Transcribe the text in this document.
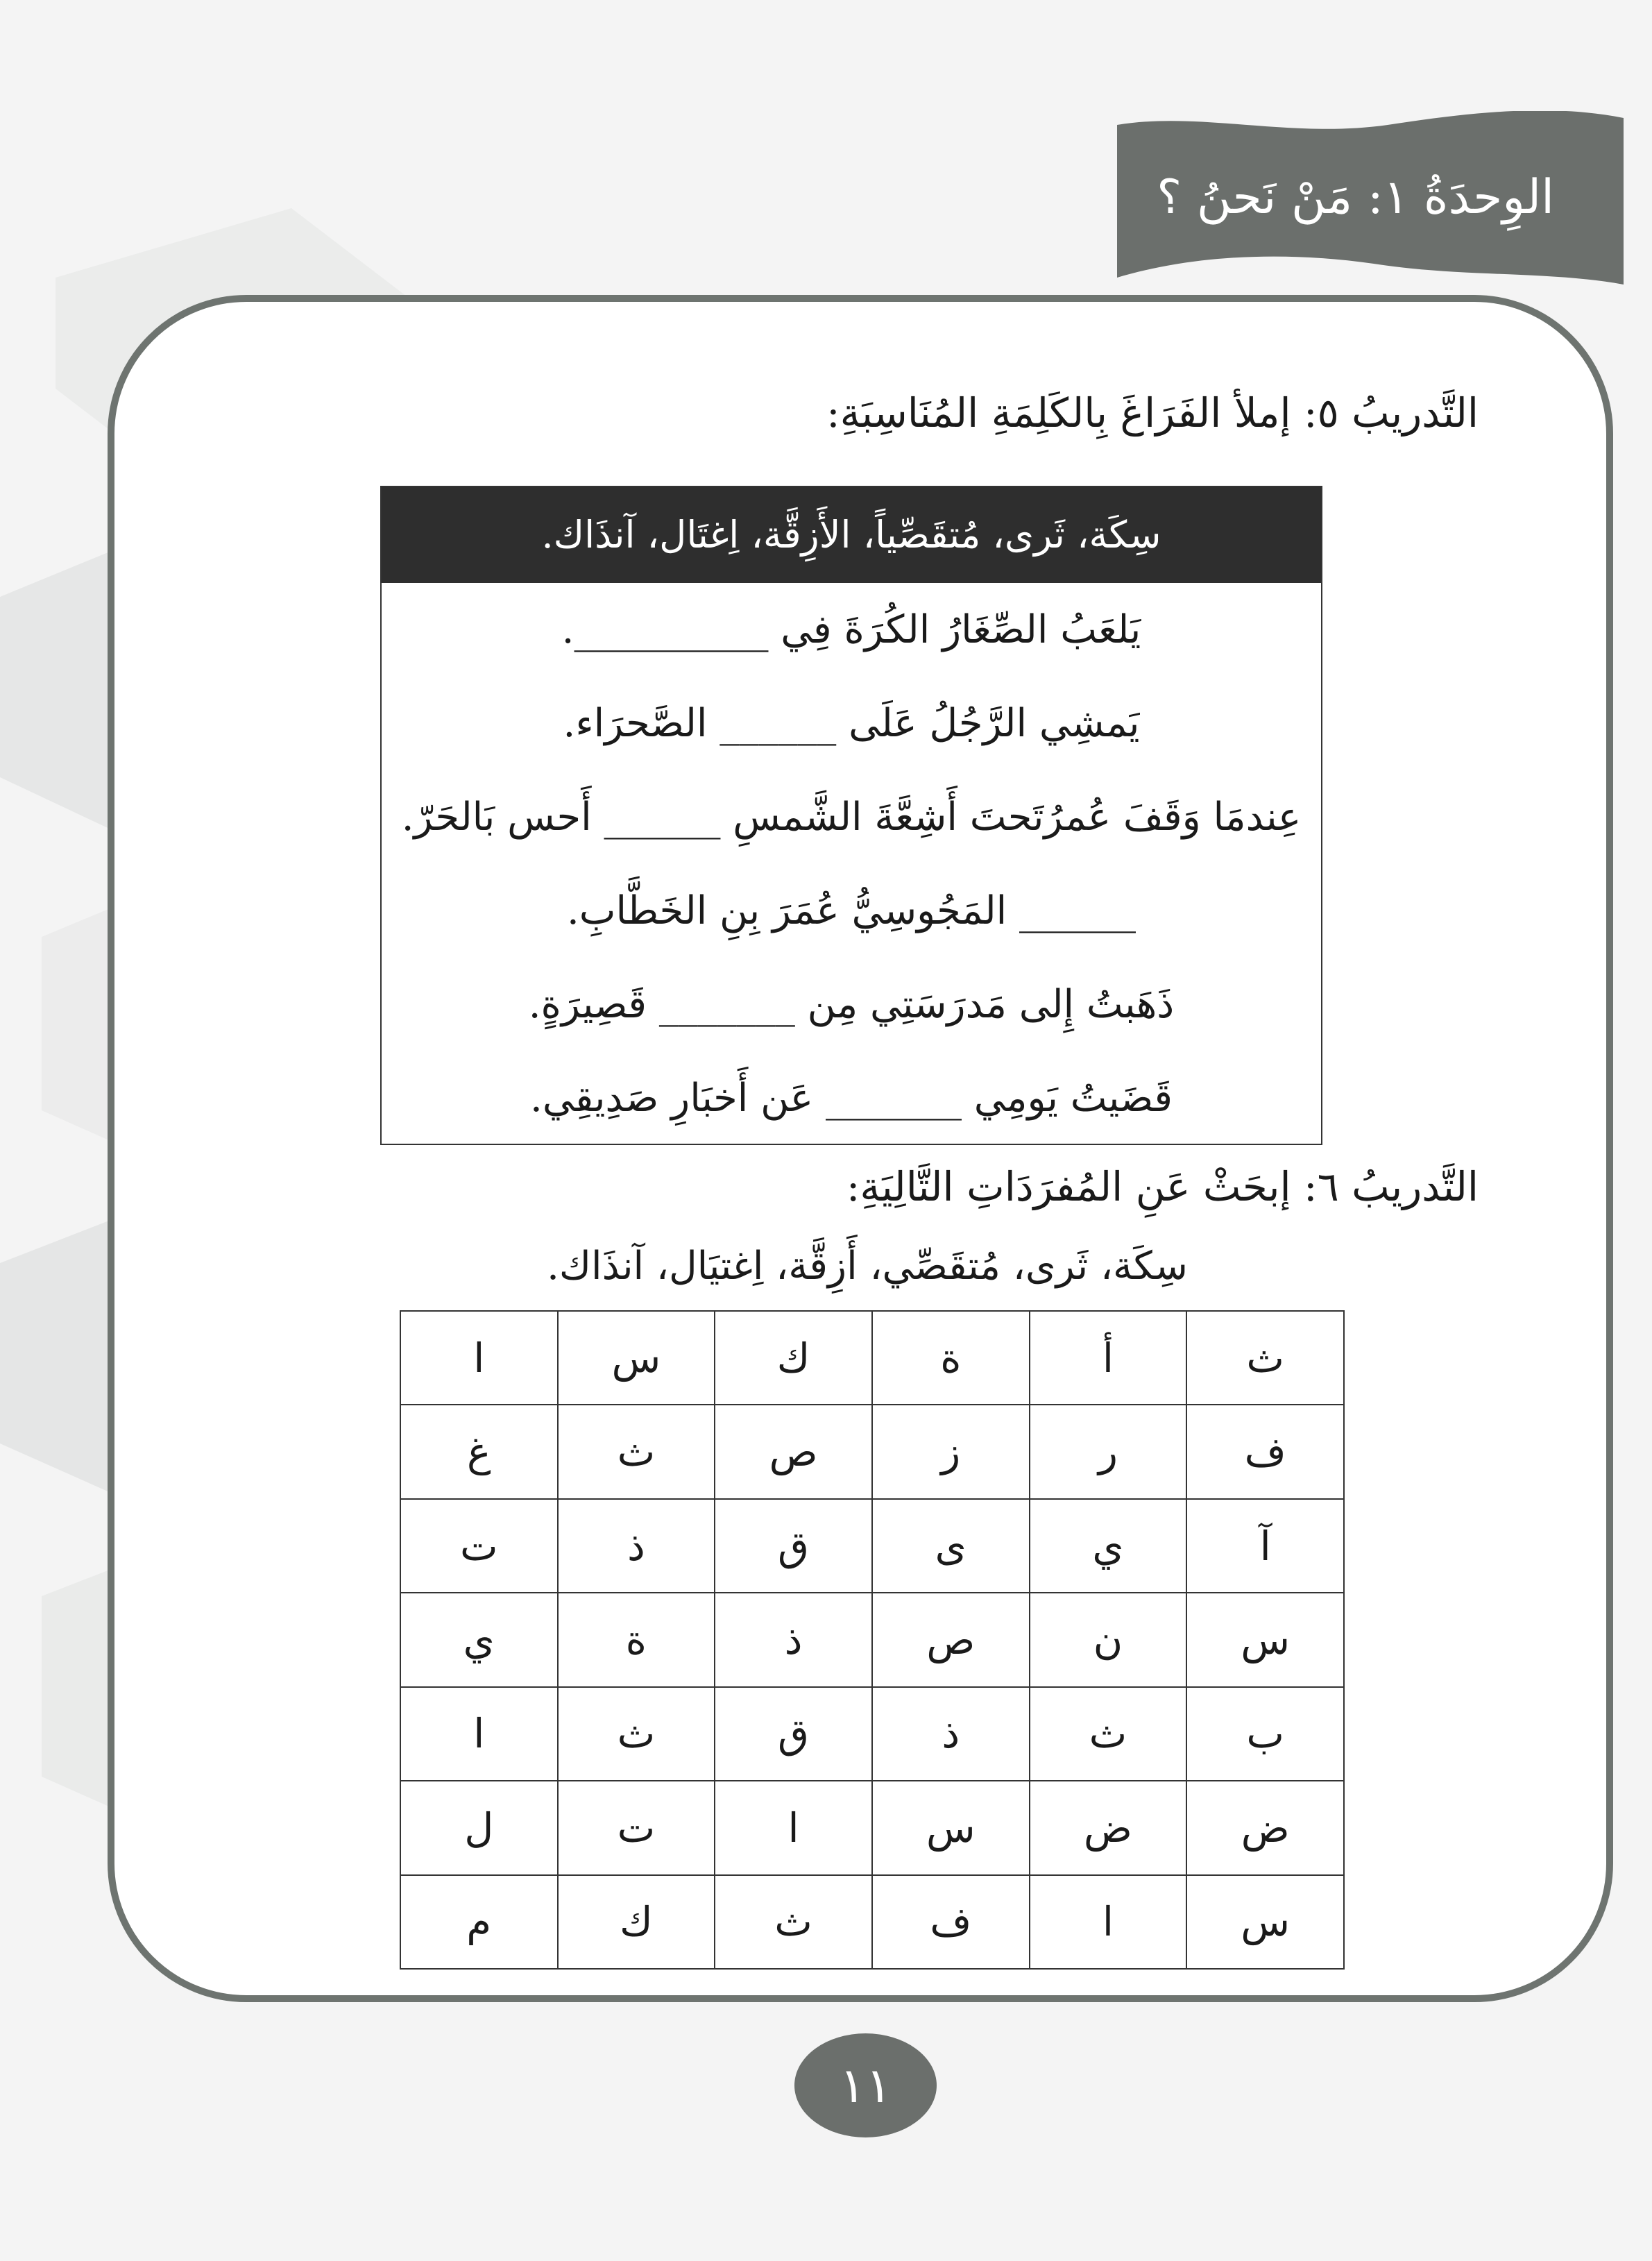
الوِحدَةُ ١: مَنْ نَحنُ ؟
التَّدريبُ ٥: إملأ الفَرَاغَ بِالكَلِمَةِ المُنَاسِبَةِ:
سِكَة، ثَرى، مُتقَصِّياً، الأَزِقَّة، اِغتَال، آنذَاك.
يَلعَبُ الصِّغَارُ الكُرَةَ فِي __________.
يَمشِي الرَّجُلُ عَلَى ______ الصَّحرَاء.
عِندمَا وَقَفَ عُمرُتَحتَ أَشِعَّةَ الشَّمسِ ______ أَحس بَالحَرّ.
______ المَجُوسِيُّ عُمَرَ بِنِ الخَطَّابِ.
ذَهَبتُ إِلى مَدرَسَتِي مِن _______ قَصِيرَةٍ.
قَضَيتُ يَومِي _______ عَن أَخبَارِ صَدِيقِي.
التَّدريبُ ٦: إبحَثْ عَنِ المُفرَدَاتِ التَّالِيَةِ:
سِكَة، ثَرى، مُتقَصِّي، أَزِقَّة، اِغتيَال، آنذَاك.
ث	أ	ة	ك	س	ا
ف	ر	ز	ص	ث	غ
آ	ي	ى	ق	ذ	ت
س	ن	ص	ذ	ة	ي
ب	ث	ذ	ق	ث	ا
ض	ض	س	ا	ت	ل
س	ا	ف	ث	ك	م
١١
